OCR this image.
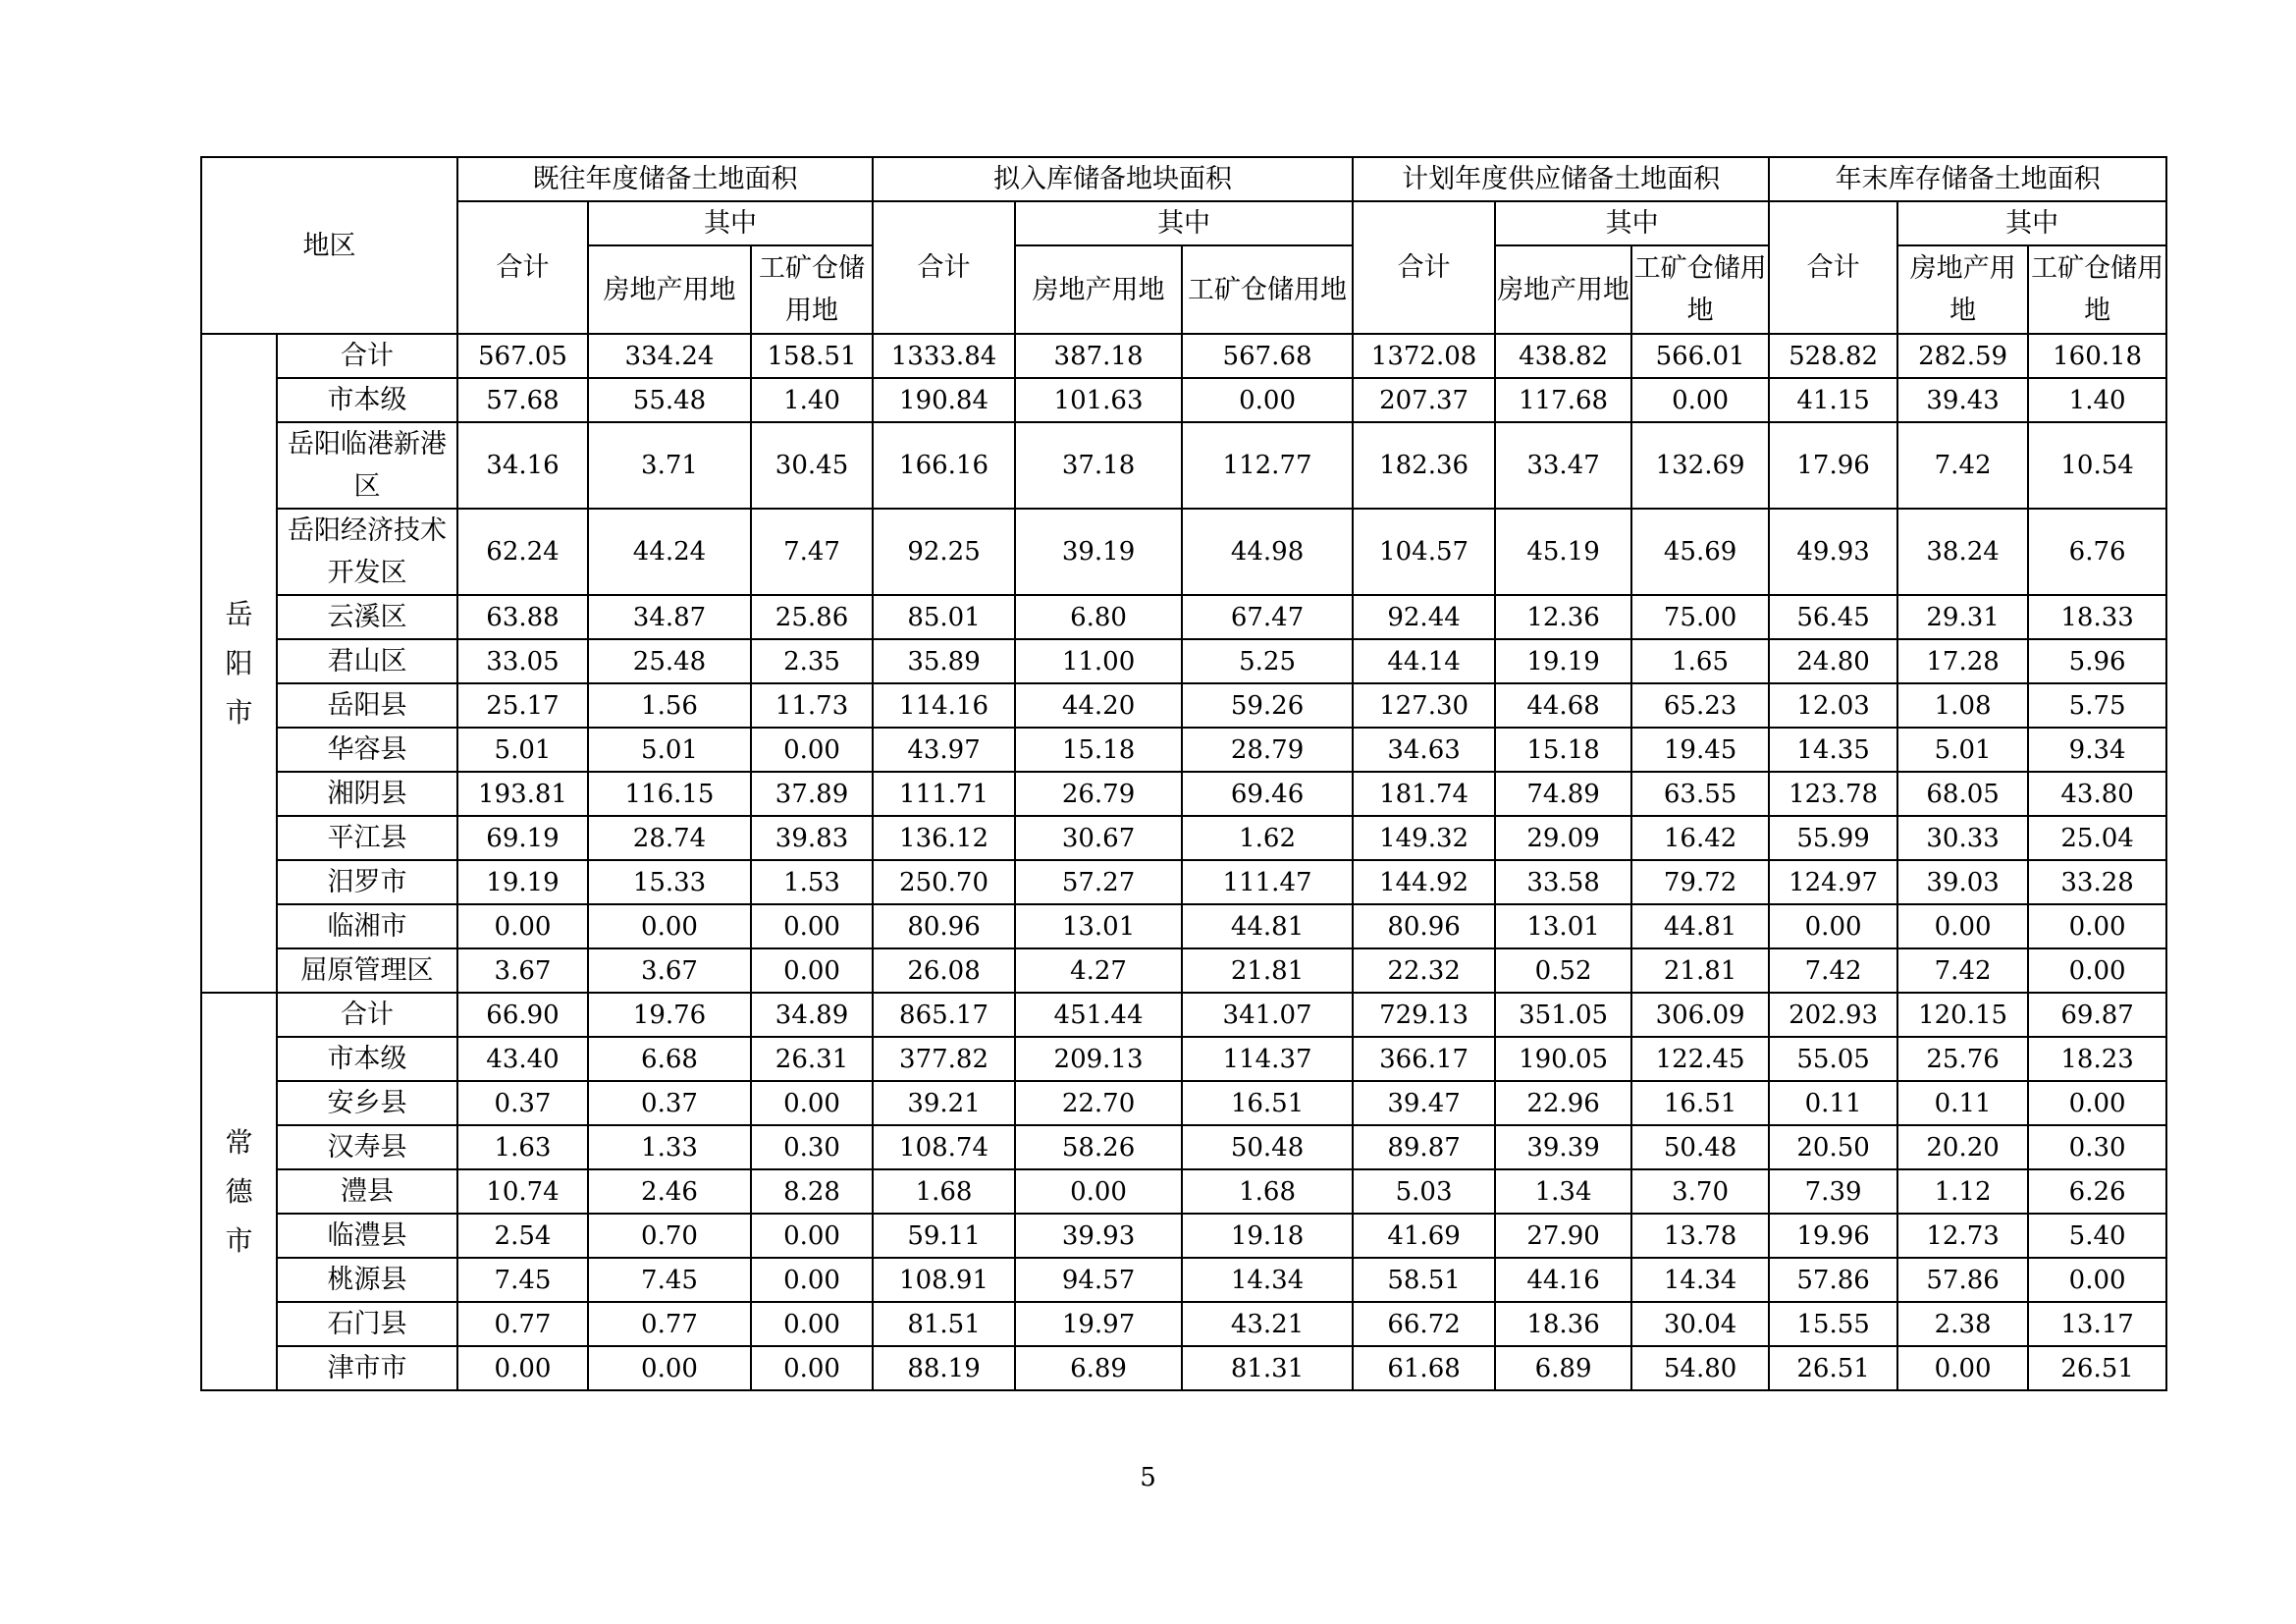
地区		既往年度储备土地面积			拟入库储备地块面积			计划年度供应储备土地面积			年末库存储备土地面积		
		合计	其中		合计	其中		合计	其中		合计	其中	
			房地产用地	工矿仓储用地		房地产用地	工矿仓储用地		房地产用地	工矿仓储用地		房地产用地	工矿仓储用地

岳
阳
市	合计	567.05	334.24	158.51	1333.84	387.18	567.68	1372.08	438.82	566.01	528.82	282.59	160.18
	市本级	57.68	55.48	1.40	190.84	101.63	0.00	207.37	117.68	0.00	41.15	39.43	1.40
	岳阳临港新港区	34.16	3.71	30.45	166.16	37.18	112.77	182.36	33.47	132.69	17.96	7.42	10.54
	岳阳经济技术开发区	62.24	44.24	7.47	92.25	39.19	44.98	104.57	45.19	45.69	49.93	38.24	6.76
	云溪区	63.88	34.87	25.86	85.01	6.80	67.47	92.44	12.36	75.00	56.45	29.31	18.33
	君山区	33.05	25.48	2.35	35.89	11.00	5.25	44.14	19.19	1.65	24.80	17.28	5.96
	岳阳县	25.17	1.56	11.73	114.16	44.20	59.26	127.30	44.68	65.23	12.03	1.08	5.75
	华容县	5.01	5.01	0.00	43.97	15.18	28.79	34.63	15.18	19.45	14.35	5.01	9.34
	湘阴县	193.81	116.15	37.89	111.71	26.79	69.46	181.74	74.89	63.55	123.78	68.05	43.80
	平江县	69.19	28.74	39.83	136.12	30.67	1.62	149.32	29.09	16.42	55.99	30.33	25.04
	汨罗市	19.19	15.33	1.53	250.70	57.27	111.47	144.92	33.58	79.72	124.97	39.03	33.28
	临湘市	0.00	0.00	0.00	80.96	13.01	44.81	80.96	13.01	44.81	0.00	0.00	0.00
	屈原管理区	3.67	3.67	0.00	26.08	4.27	21.81	22.32	0.52	21.81	7.42	7.42	0.00

常
德
市	合计	66.90	19.76	34.89	865.17	451.44	341.07	729.13	351.05	306.09	202.93	120.15	69.87
	市本级	43.40	6.68	26.31	377.82	209.13	114.37	366.17	190.05	122.45	55.05	25.76	18.23
	安乡县	0.37	0.37	0.00	39.21	22.70	16.51	39.47	22.96	16.51	0.11	0.11	0.00
	汉寿县	1.63	1.33	0.30	108.74	58.26	50.48	89.87	39.39	50.48	20.50	20.20	0.30
	澧县	10.74	2.46	8.28	1.68	0.00	1.68	5.03	1.34	3.70	7.39	1.12	6.26
	临澧县	2.54	0.70	0.00	59.11	39.93	19.18	41.69	27.90	13.78	19.96	12.73	5.40
	桃源县	7.45	7.45	0.00	108.91	94.57	14.34	58.51	44.16	14.34	57.86	57.86	0.00
	石门县	0.77	0.77	0.00	81.51	19.97	43.21	66.72	18.36	30.04	15.55	2.38	13.17
	津市市	0.00	0.00	0.00	88.19	6.89	81.31	61.68	6.89	54.80	26.51	0.00	26.51
5
